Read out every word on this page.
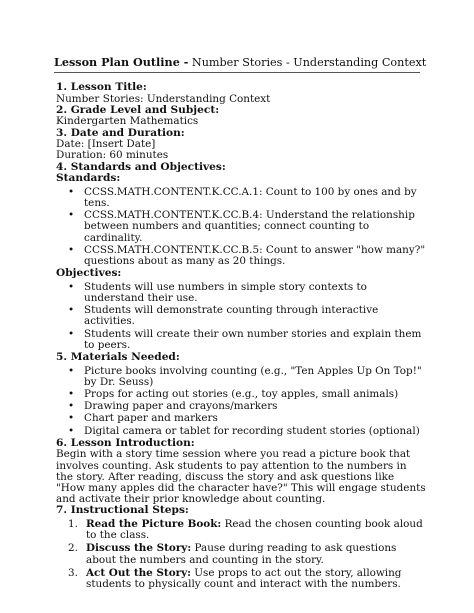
Lesson Plan Outline - Number Stories - Understanding Context
1. Lesson Title:

Number Stories: Understanding Context

2. Grade Level and Subject:

Kindergarten Mathematics

3. Date and Duration:

Date: [Insert Date]

Duration: 60 minutes

4. Standards and Objectives:
Standards:
• CCSS.MATH.CONTENT.K.CC.A.1: Count to 100 by ones and by tens.
• CCSS.MATH.CONTENT.K.CC.B.4: Understand the relationship between numbers and quantities; connect counting to cardinality.
• CCSS.MATH.CONTENT.K.CC.B.5: Count to answer "how many?" questions about as many as 20 things.
Objectives:
• Students will use numbers in simple story contexts to understand their use.
• Students will demonstrate counting through interactive activities.
• Students will create their own number stories and explain them to peers.
5. Materials Needed:
• Picture books involving counting (e.g., "Ten Apples Up On Top!" by Dr. Seuss)
• Props for acting out stories (e.g., toy apples, small animals)
• Drawing paper and crayons/markers
• Chart paper and markers
• Digital camera or tablet for recording student stories (optional)
6. Lesson Introduction:

Begin with a story time session where you read a picture book that involves counting. Ask students to pay attention to the numbers in the story. After reading, discuss the story and ask questions like "How many apples did the character have?" This will engage students and activate their prior knowledge about counting.

7. Instructional Steps:
1. Read the Picture Book: Read the chosen counting book aloud to the class.
2. Discuss the Story: Pause during reading to ask questions about the numbers and counting in the story.
3. Act Out the Story: Use props to act out the story, allowing students to physically count and interact with the numbers.
